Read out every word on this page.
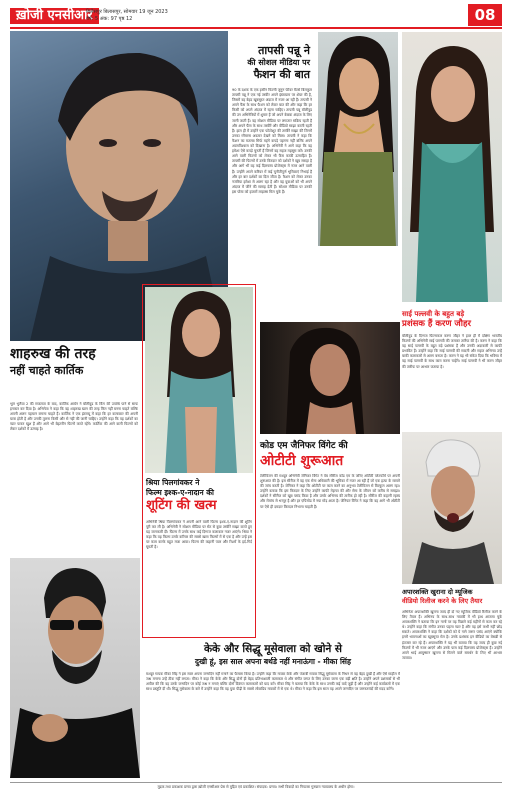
ख़ोजी एनसीआर
बिलैसपुर बिलासपुर, सोमवार 19 जून 2023
वर्ष: 5 अंक: 97 पृष्ठ 12	08
तापसी पन्नू ने
की सोशल मीडिया पर
फैशन की बात
90 के दशक के एक हसीन फिल्मी जुनून फीवर मैटर्स बिलकुल तापसी पन्नू ने एक नई तस्वीर अपने इंस्टाग्राम पर शेयर की है, जिसमें वह बेहद खूबसूरत अंदाज में नजर आ रही हैं। तापसी ने अपने फैंस के साथ फैशन को लेकर बात की और कहा कि हर किसी को अपने अंदाज में रहना चाहिए। तापसी पन्नू बॉलीवुड की उन अभिनेत्रियों में शुमार हैं जो अपने बेबाक अंदाज के लिए जानी जाती हैं। वह सोशल मीडिया पर लगातार सक्रिय रहती हैं और अपने फैंस के साथ तस्वीरें और वीडियो साझा करती रहती हैं। हाल ही में उन्होंने एक फोटोशूट की तस्वीरें साझा कीं जिनमें उनका ग्लैमरस अवतार देखने को मिला। तापसी ने कहा कि फैशन का मतलब सिर्फ महंगे कपड़े पहनना नहीं बल्कि अपने आत्मविश्वास को दिखाना है। अभिनेत्री ने आगे कहा कि वह हमेशा ऐसे कपड़े चुनती हैं जिनमें वह सहज महसूस करें। उनकी आने वाली फिल्मों को लेकर भी फैंस काफी उत्साहित हैं। तापसी की फिल्मों में उनके किरदार को दर्शकों ने खूब सराहा है और आगे भी वह कई दिलचस्प प्रोजेक्ट्स में नजर आने वाली हैं। उन्होंने अपने करियर में कई चुनौतीपूर्ण भूमिकाएं निभाई हैं और हर बार दर्शकों का दिल जीता है। फैशन को लेकर उनका नजरिया हमेशा से अलग रहा है और वह युवाओं को भी अपने अंदाज में जीने की सलाह देती हैं। सोशल मीडिया पर उनकी इस पोस्ट को हजारों लाइक्स मिल चुके हैं।
साई पल्लवी के बहुत बड़े
प्रशंसक हैं करण जौहर
बॉलीवुड के दिग्गज फिल्मकार करण जौहर ने हाल ही में दक्षिण भारतीय फिल्मों की अभिनेत्री साई पल्लवी की जमकर तारीफ की है। करण ने कहा कि वह साई पल्लवी के बहुत बड़े प्रशंसक हैं और उनकी अदाकारी से काफी प्रभावित हैं। उन्होंने कहा कि साई पल्लवी की सादगी और सहज अभिनय उन्हें बाकी कलाकारों से अलग बनाता है। करण ने यह भी संकेत दिया कि भविष्य में वह साई पल्लवी के साथ काम करना चाहेंगे। साई पल्लवी ने भी करण जौहर की तारीफ पर आभार जताया है।
शाहरुख की तरह
नहीं चाहते कार्तिक
भूल भुलैया 2 की सफलता के बाद, कार्तिक आर्यन ने बॉलीवुड के किंग की उपाधि पाने से साफ इनकार कर दिया है। अभिनेता ने कहा कि वह शाहरुख खान की तरह किंग नहीं बनना चाहते बल्कि अपनी अलग पहचान बनाना चाहते हैं। कार्तिक ने एक इंटरव्यू में कहा कि हर कलाकार की अपनी यात्रा होती है और उनकी तुलना किसी और से नहीं की जानी चाहिए। उन्होंने कहा कि वह दर्शकों का प्यार पाकर खुश हैं और आगे भी बेहतरीन फिल्में करते रहेंगे। कार्तिक की आने वाली फिल्मों को लेकर दर्शकों में उत्साह है।
श्रिया पिलगांवकर ने
फिल्म इश्क-ए-नादान की
शूटिंग की खत्म
अभिनेत्री श्रिया पिलगांवकर ने अपनी आने वाली फिल्म इश्क-ए-नादान की शूटिंग पूरी कर ली है। अभिनेत्री ने सोशल मीडिया पर सेट से कुछ तस्वीरें साझा करते हुए यह जानकारी दी। फिल्म में उनके साथ कई दिग्गज कलाकार नजर आएंगे। श्रिया ने कहा कि यह फिल्म उनके करियर की सबसे खास फिल्मों में से एक है और उन्हें इस पर काम करके बहुत मजा आया। फिल्म की कहानी प्यार और रिश्तों के इर्द-गिर्द घूमती है।
कोड एम जैनिफर विंगेट की
ओटीटी शुरूआत
टेलीविजन की मशहूर अभिनेत्री जेनिफर विंगेट ने वेब सीरीज कोड एम के जरिए ओटीटी प्लेटफॉर्म पर अपनी शुरूआत की है। इस सीरीज में वह एक सेना अधिकारी की भूमिका में नजर आ रही हैं जो एक हत्या के मामले की जांच करती है। जेनिफर ने कहा कि ओटीटी पर काम करने का अनुभव टेलीविजन से बिल्कुल अलग रहा। उन्होंने बताया कि इस किरदार के लिए उन्होंने काफी मेहनत की और सेना के जीवन को करीब से समझा। दर्शकों ने सीरीज को खूब पसंद किया है और उनके अभिनय की तारीफ हो रही है। सीरीज की कहानी रहस्य और रोमांच से भरपूर है और हर एपिसोड में नया मोड़ आता है। जेनिफर विंगेट ने कहा कि वह आगे भी ओटीटी पर ऐसे ही दमदार किरदार निभाना चाहती हैं।
अपारशक्ति खुराना दो म्यूजिक
वीडियो रिलीज करने के लिए तैयार
अभिनेता अपारशक्ति खुराना जल्द ही दो नए म्यूजिक वीडियो रिलीज करने के लिए तैयार हैं। अभिनय के साथ-साथ गायकी में भी हाथ आजमा चुके अपारशक्ति ने बताया कि इन गानों पर वह पिछले कई महीनों से काम कर रहे थे। उन्होंने कहा कि संगीत उनका पहला प्यार है और वह इसे कभी नहीं छोड़ सकते। अपारशक्ति ने कहा कि दर्शकों को ये गाने जरूर पसंद आएंगे क्योंकि इनमें भावनाओं का खूबसूरत मेल है। उनके प्रशंसक इन वीडियो का बेसब्री से इंतजार कर रहे हैं। अपारशक्ति ने यह भी बताया कि वह जल्द ही कुछ नई फिल्मों में भी नजर आएंगे और उनके पास कई दिलचस्प प्रोजेक्ट्स हैं। उन्होंने अपने भाई आयुष्मान खुराना से मिलने वाले समर्थन के लिए भी आभार जताया।
केके और सिद्धू मूसेवाला को खोने से
दुखी हूं, इस साल अपना बर्थडे नहीं मनाऊंगा - मीका सिंह
मशहूर गायक मीका सिंह ने इस साल अपना जन्मदिन नहीं मनाने का फैसला किया है। उन्होंने कहा कि गायक केके और पंजाबी गायक सिद्धू मूसेवाला के निधन से वह बेहद दुखी हैं और ऐसे माहौल में जश्न मनाना उन्हें ठीक नहीं लगता। मीका ने कहा कि केके और सिद्धू दोनों ही बेहद प्रतिभाशाली कलाकार थे और संगीत जगत के लिए उनका जाना एक बड़ी क्षति है। उन्होंने अपने प्रशंसकों से भी अपील की कि वह उनके जन्मदिन पर कोई जश्न न मनाएं बल्कि दोनों दिवंगत कलाकारों को याद करें। मीका सिंह ने बताया कि केके के साथ उनकी कई यादें जुड़ी हैं और उन्होंने कई कार्यक्रमों में एक साथ प्रस्तुति दी थी। सिद्धू मूसेवाला के बारे में उन्होंने कहा कि वह युवा पीढ़ी के सबसे लोकप्रिय गायकों में से एक थे। मीका ने कहा कि इस साल वह अपने जन्मदिन पर जरूरतमंदों की मदद करेंगे।
मुद्रक तथा प्रकाशक प्रणव द्वारा ख़ोजी एनसीआर प्रेस से मुद्रित एवं प्रकाशित। संपादक: प्रणव। सभी विवादों का निपटारा गुरुग्राम न्यायालय के अधीन होगा।
